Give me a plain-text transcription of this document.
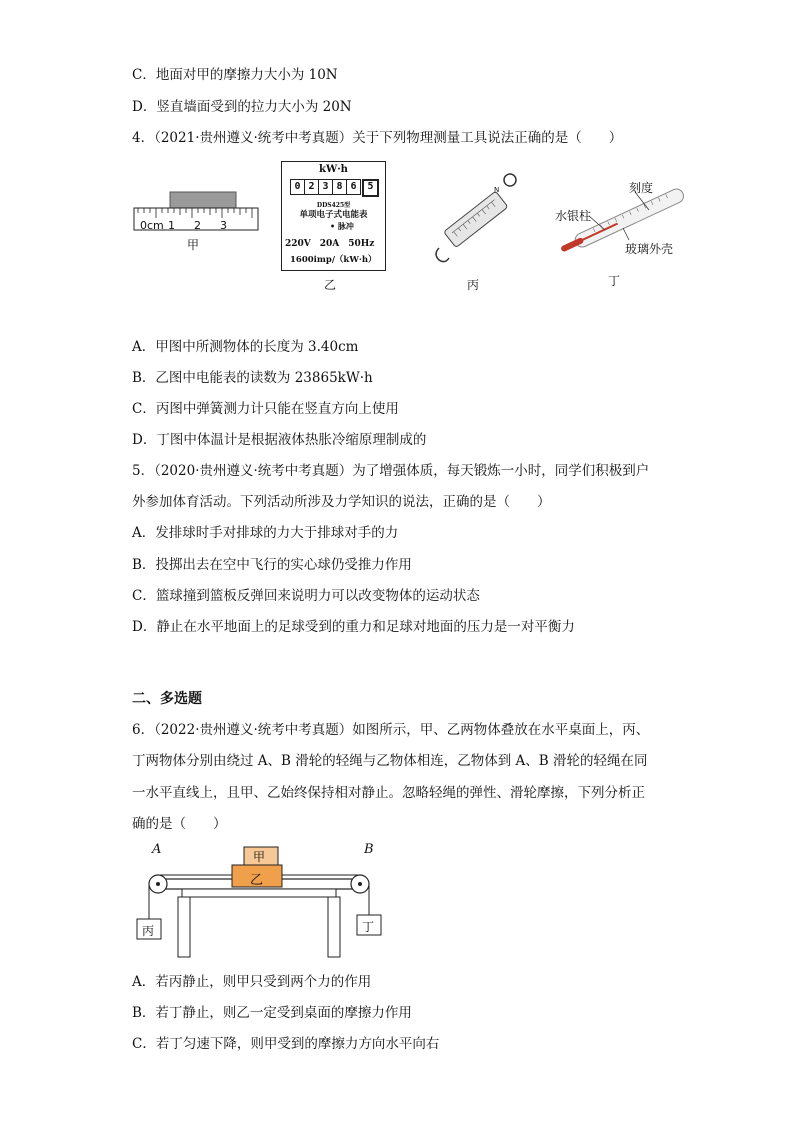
C．地面对甲的摩擦力大小为 10N
D．竖直墙面受到的拉力大小为 20N
4．（2021·贵州遵义·统考中考真题）关于下列物理测量工具说法正确的是（　　）
0cm 1 2 3
甲
kW·h
0 2 3 8 6	5
DDS425型
单项电子式电能表
• 脉冲
220V　20A　50Hz
1600imp/（kW·h）
乙
N
丙
刻度
水银柱
玻璃外壳
丁
A．甲图中所测物体的长度为 3.40cm
B．乙图中电能表的读数为 23865kW·h
C．丙图中弹簧测力计只能在竖直方向上使用
D．丁图中体温计是根据液体热胀冷缩原理制成的
5．（2020·贵州遵义·统考中考真题）为了增强体质，每天锻炼一小时，同学们积极到户
外参加体育活动。下列活动所涉及力学知识的说法，正确的是（　　）
A．发排球时手对排球的力大于排球对手的力
B．投掷出去在空中飞行的实心球仍受推力作用
C．篮球撞到篮板反弹回来说明力可以改变物体的运动状态
D．静止在水平地面上的足球受到的重力和足球对地面的压力是一对平衡力
二、多选题
6．（2022·贵州遵义·统考中考真题）如图所示，甲、乙两物体叠放在水平桌面上，丙、
丁两物体分别由绕过 A、B 滑轮的轻绳与乙物体相连，乙物体到 A、B 滑轮的轻绳在同
一水平直线上，且甲、乙始终保持相对静止。忽略轻绳的弹性、滑轮摩擦，下列分析正
确的是（　　）
A	B
甲
乙
丙	丁
A．若丙静止，则甲只受到两个力的作用
B．若丁静止，则乙一定受到桌面的摩擦力作用
C．若丁匀速下降，则甲受到的摩擦力方向水平向右
